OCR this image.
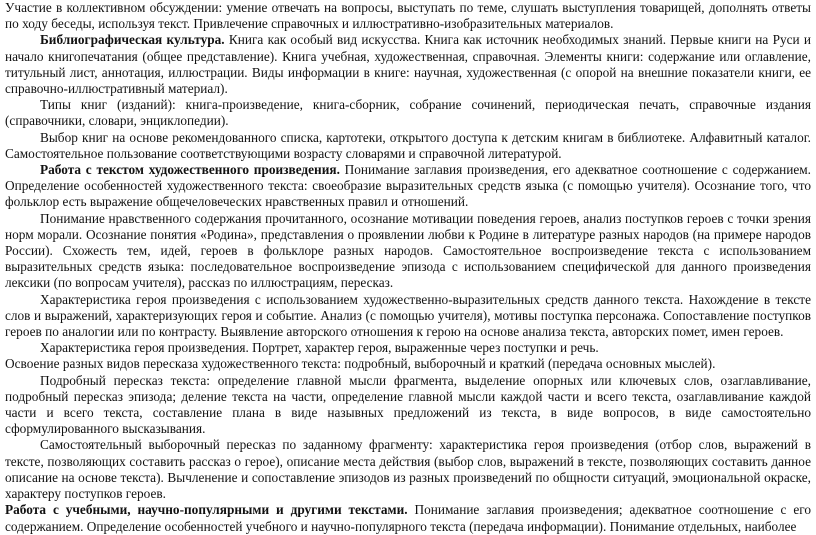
Участие в коллективном обсуждении: умение отвечать на вопросы, выступать по теме, слушать выступления товарищей, дополнять ответы по ходу беседы, используя текст. Привлечение справочных и иллюстративно-изобразительных материалов.

Библиографическая культура. Книга как особый вид искусства. Книга как источник необходимых знаний. Первые книги на Руси и начало книгопечатания (общее представление). Книга учебная, художественная, справочная. Элементы книги: содержание или оглавление, титульный лист, аннотация, иллюстрации. Виды информации в книге: научная, художественная (с опорой на внешние показатели книги, ее справочно-иллюстративный материал).

Типы книг (изданий): книга-произведение, книга-сборник, собрание сочинений, периодическая печать, справочные издания (справочники, словари, энциклопедии).

Выбор книг на основе рекомендованного списка, картотеки, открытого доступа к детским книгам в библиотеке. Алфавитный каталог. Самостоятельное пользование соответствующими возрасту словарями и справочной литературой.

Работа с текстом художественного произведения. Понимание заглавия произведения, его адекватное соотношение с содержанием. Определение особенностей художественного текста: своеобразие выразительных средств языка (с помощью учителя). Осознание того, что фольклор есть выражение общечеловеческих нравственных правил и отношений.

Понимание нравственного содержания прочитанного, осознание мотивации поведения героев, анализ поступков героев с точки зрения норм морали. Осознание понятия «Родина», представления о проявлении любви к Родине в литературе разных народов (на примере народов России). Схожесть тем, идей, героев в фольклоре разных народов. Самостоятельное воспроизведение текста с использованием выразительных средств языка: последовательное воспроизведение эпизода с использованием специфической для данного произведения лексики (по вопросам учителя), рассказ по иллюстрациям, пересказ.

Характеристика героя произведения с использованием художественно-выразительных средств данного текста. Нахождение в тексте слов и выражений, характеризующих героя и событие. Анализ (с помощью учителя), мотивы поступка персонажа. Сопоставление поступков героев по аналогии или по контрасту. Выявление авторского отношения к герою на основе анализа текста, авторских помет, имен героев.

Характеристика героя произведения. Портрет, характер героя, выраженные через поступки и речь.

Освоение разных видов пересказа художественного текста: подробный, выборочный и краткий (передача основных мыслей).

Подробный пересказ текста: определение главной мысли фрагмента, выделение опорных или ключевых слов, озаглавливание, подробный пересказ эпизода; деление текста на части, определение главной мысли каждой части и всего текста, озаглавливание каждой части и всего текста, составление плана в виде назывных предложений из текста, в виде вопросов, в виде самостоятельно сформулированного высказывания.

Самостоятельный выборочный пересказ по заданному фрагменту: характеристика героя произведения (отбор слов, выражений в тексте, позволяющих составить рассказ о герое), описание места действия (выбор слов, выражений в тексте, позволяющих составить данное описание на основе текста). Вычленение и сопоставление эпизодов из разных произведений по общности ситуаций, эмоциональной окраске, характеру поступков героев.

Работа с учебными, научно-популярными и другими текстами. Понимание заглавия произведения; адекватное соотношение с его содержанием. Определение особенностей учебного и научно-популярного текста (передача информации). Понимание отдельных, наиболее
